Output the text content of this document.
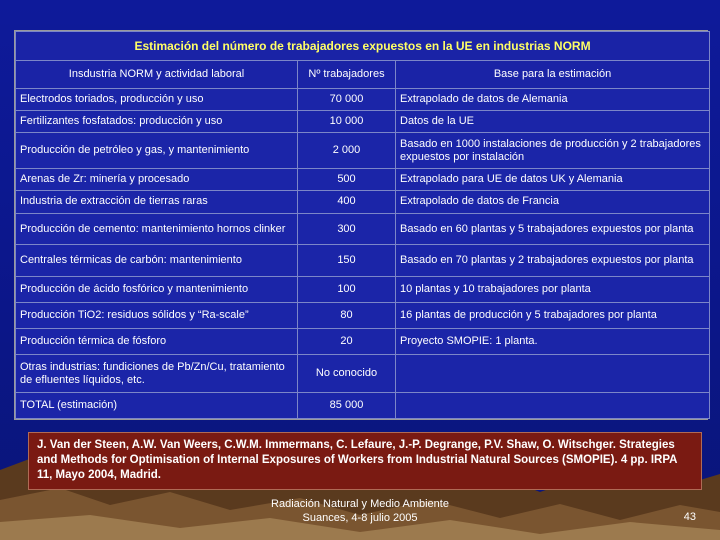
Estimación del número de trabajadores expuestos en la UE en industrias NORM		
Insdustria NORM y actividad laboral	Nº trabajadores	Base para la estimación
Electrodos toriados, producción y uso	70 000	Extrapolado de datos de Alemania
Fertilizantes fosfatados: producción y uso	10 000	Datos de la UE
Producción de petróleo y gas, y mantenimiento	2 000	Basado en 1000 instalaciones de producción y 2 trabajadores expuestos por instalación
Arenas de Zr: minería y procesado	500	Extrapolado para UE de datos UK y Alemania
Industria de extracción de tierras raras	400	Extrapolado de datos de Francia
Producción de cemento: mantenimiento hornos clinker	300	Basado en 60 plantas y 5 trabajadores expuestos por planta
Centrales térmicas de carbón: mantenimiento	150	Basado en 70 plantas y 2 trabajadores expuestos por planta
Producción de ácido fosfórico y mantenimiento	100	10 plantas y 10 trabajadores por planta
Producción TiO2: residuos sólidos y “Ra-scale”	80	16 plantas de producción y 5 trabajadores por planta
Producción térmica de fósforo	20	Proyecto SMOPIE: 1 planta.
Otras industrias: fundiciones de Pb/Zn/Cu, tratamiento de efluentes líquidos, etc.	No conocido	
TOTAL (estimación)	85 000	
J. Van der Steen, A.W. Van Weers, C.W.M. Immermans, C. Lefaure, J.-P. Degrange, P.V. Shaw, O. Witschger. Strategies and Methods for Optimisation of Internal Exposures of Workers from Industrial Natural Sources (SMOPIE). 4 pp. IRPA 11, Mayo 2004, Madrid.
Radiación Natural y Medio Ambiente
Suances, 4-8 julio 2005	43
